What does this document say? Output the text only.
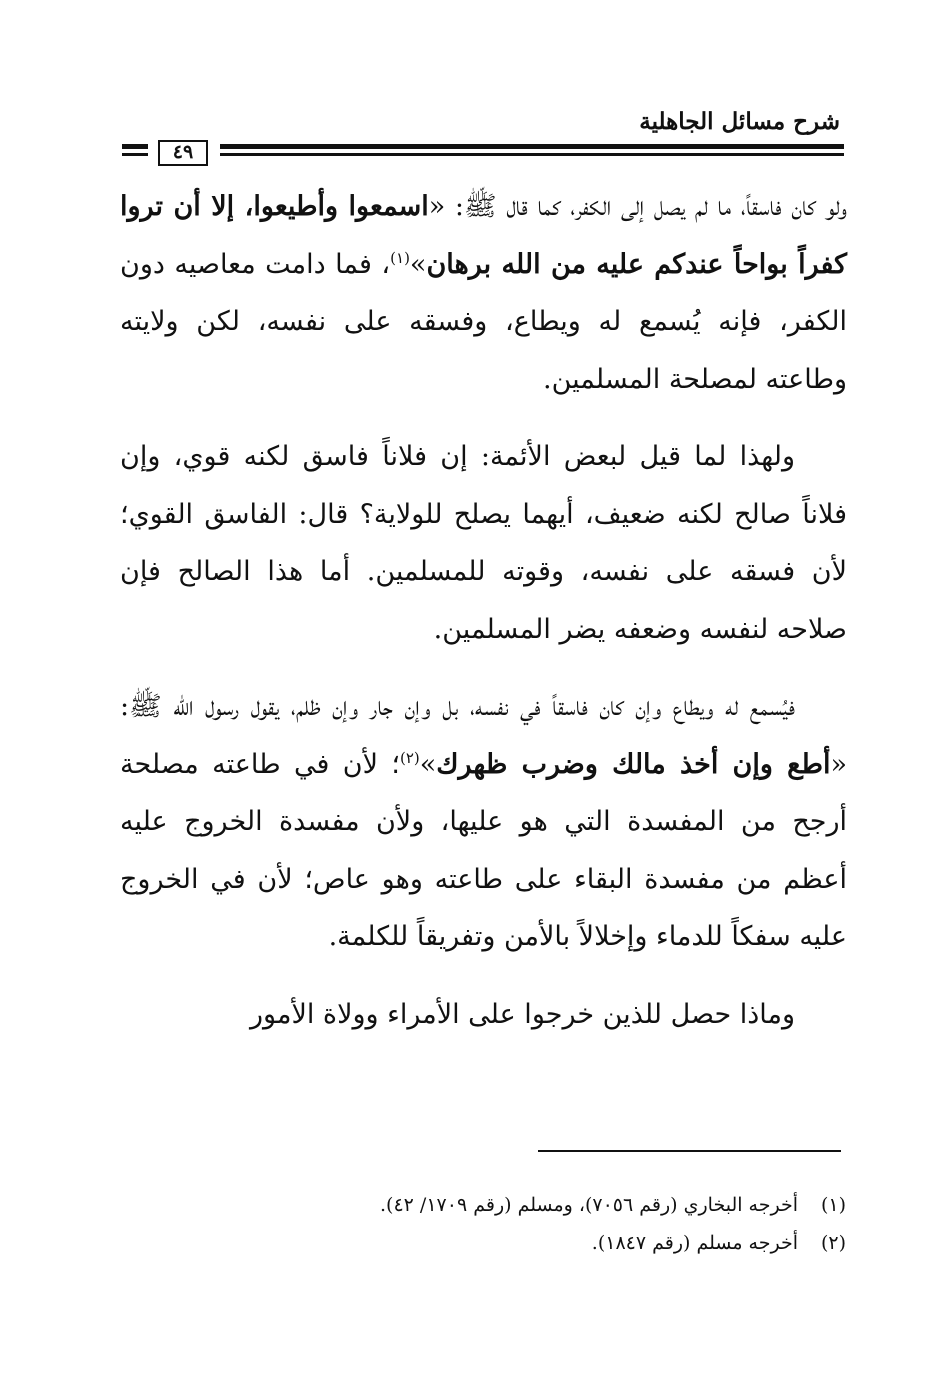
شرح مسائل الجاهلية
٤٩

ولو كان فاسقاً، ما لم يصل إلى الكفر، كما قال ﷺ: «اسمعوا وأطيعوا، إلا أن تروا كفراً بواحاً عندكم عليه من الله برهان»$^{(١)}$، فما دامت معاصيه دون الكفر، فإنه يُسمع له ويطاع، وفسقه على نفسه، لكن ولايته وطاعته لمصلحة المسلمين.

ولهذا لما قيل لبعض الأئمة: إن فلاناً فاسق لكنه قوي، وإن فلاناً صالح لكنه ضعيف، أيهما يصلح للولاية؟ قال: الفاسق القوي؛ لأن فسقه على نفسه، وقوته للمسلمين. أما هذا الصالح فإن صلاحه لنفسه وضعفه يضر المسلمين.

فيُسمع له ويطاع وإن كان فاسقاً في نفسه، بل وإن جار وإن ظلم، يقول رسول الله ﷺ: «أطع وإن أخذ مالك وضرب ظهرك»$^{(٢)}$؛ لأن في طاعته مصلحة أرجح من المفسدة التي هو عليها، ولأن مفسدة الخروج عليه أعظم من مفسدة البقاء على طاعته وهو عاص؛ لأن في الخروج عليه سفكاً للدماء وإخلالاً بالأمن وتفريقاً للكلمة.

وماذا حصل للذين خرجوا على الأمراء وولاة الأمور

(١)
أخرجه البخاري (رقم ٧٠٥٦)، ومسلم (رقم ١٧٠٩/ ٤٢).
(٢)
أخرجه مسلم (رقم ١٨٤٧).
